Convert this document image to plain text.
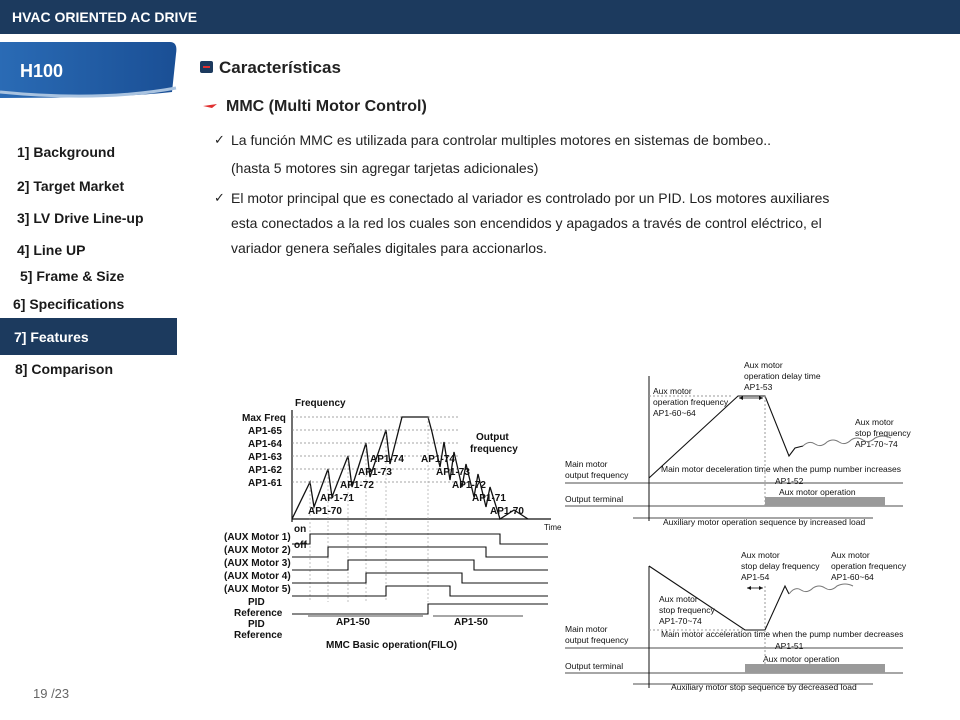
HVAC ORIENTED AC DRIVE
H100
1] Background
2] Target Market
3] LV Drive Line-up
4] Line UP
5] Frame & Size
6] Specifications
7] Features
8] Comparison
19 /23
Características
MMC (Multi Motor Control)
✓ La función MMC es utilizada para controlar multiples motores en sistemas de bombeo..
(hasta 5 motores sin agregar tarjetas adicionales)
✓ El motor principal que es conectado al variador es controlado por un PID. Los motores auxiliares
esta conectados a la red los cuales son encendidos y apagados a través de control eléctrico, el
variador genera señales digitales para accionarlos.
Frequency
Max Freq
AP1-65
AP1-64
AP1-63
AP1-62
AP1-61
Time
Output frequency
AP1-70
AP1-71
AP1-72
AP1-73
AP1-74 AP1-74
AP1-73
AP1-72
AP1-71
AP1-70
on
off
(AUX Motor 1)
(AUX Motor 2)
(AUX Motor 3)
(AUX Motor 4)
(AUX Motor 5)
PID
Reference
PID
Reference
AP1-50	AP1-50
MMC Basic operation(FILO)
Aux motor
operation delay time
AP1-53
Aux motor
operation frequency
AP1-60~64
Aux motor
stop frequency
AP1-70~74
Main motor
output frequency
Main motor deceleration time when the pump number increases
AP1-52
Output terminal
Aux motor operation
Auxiliary motor operation sequence by increased load
Aux motor
stop delay frequency
AP1-54
Aux motor
operation frequency
AP1-60~64
Aux motor
stop frequency
AP1-70~74
Main motor
output frequency
Main motor acceleration time when the pump number decreases
AP1-51
Output terminal
Aux motor operation
Auxiliary motor stop sequence by decreased load
